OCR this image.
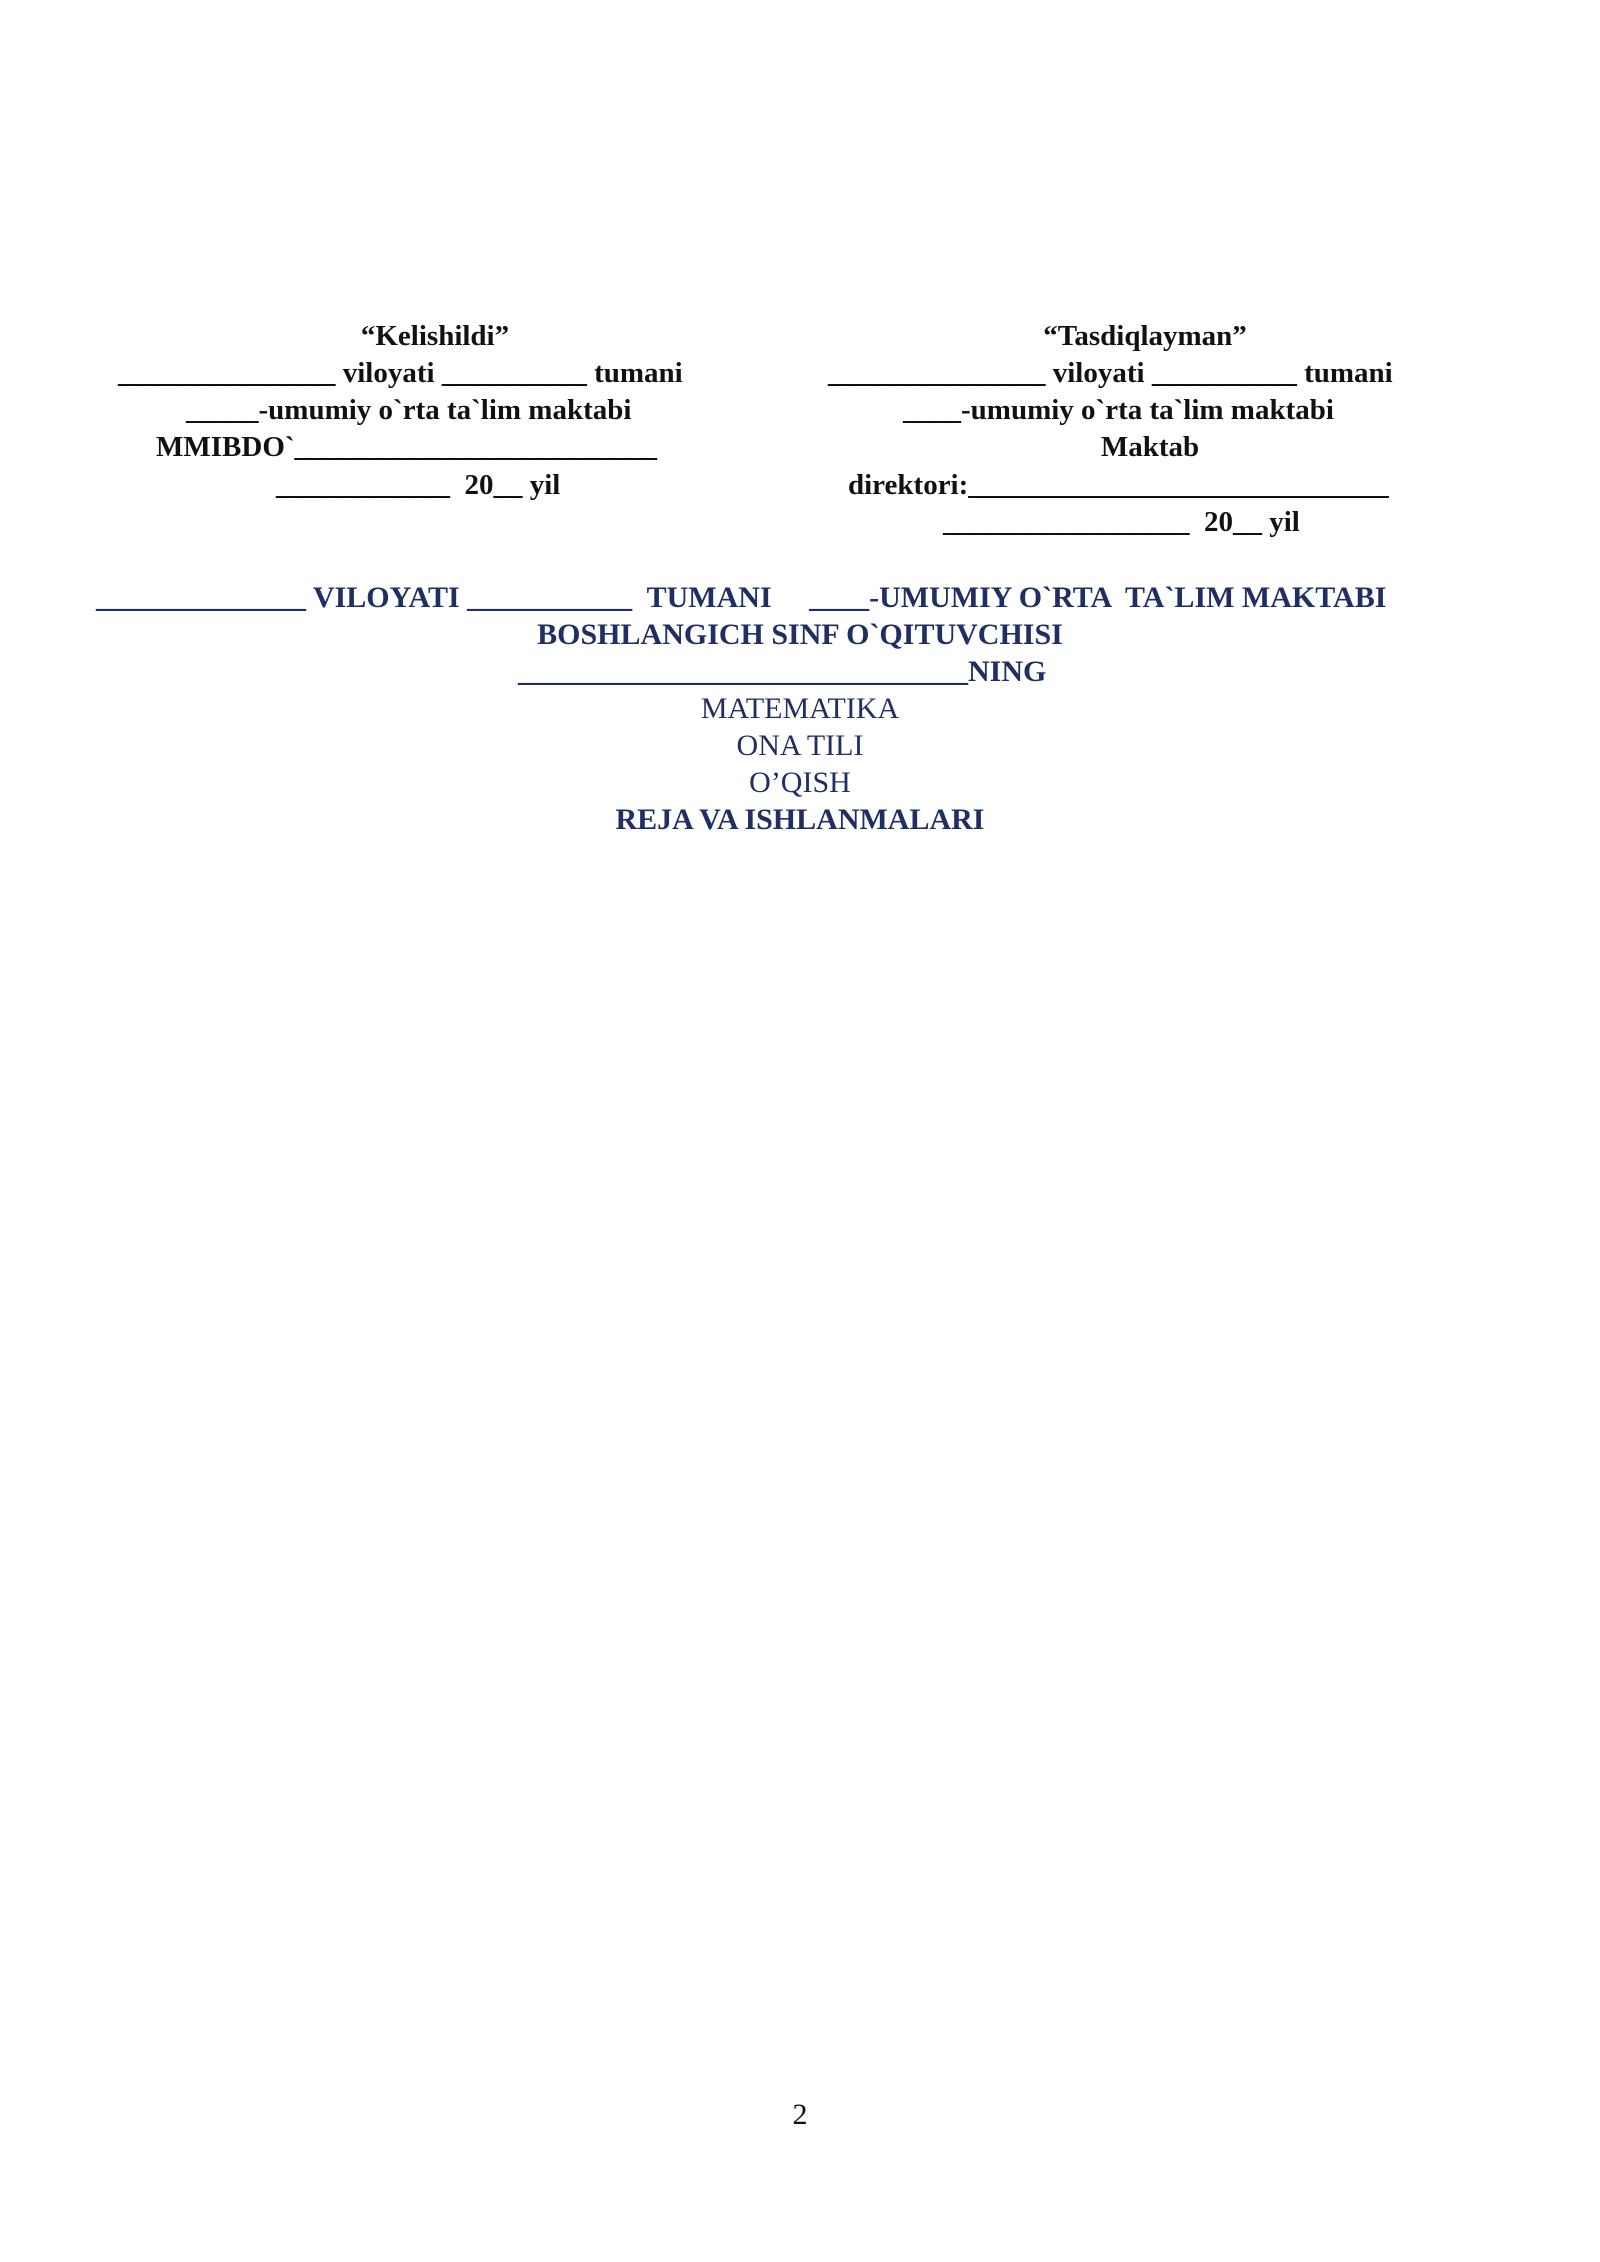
“Kelishildi”
_______________ viloyati __________ tumani
_____-umumiy o`rta ta`lim maktabi
MMIBDO`_________________________
____________  20__ yil
“Tasdiqlayman”
_______________ viloyati __________ tumani
____-umumiy o`rta ta`lim maktabi
Maktab
direktori:_____________________________
_________________  20__ yil
______________ VILOYATI ___________  TUMANI     ____-UMUMIY O`RTA  TA`LIM MAKTABI
BOSHLANGICH SINF O`QITUVCHISI
______________________________NING
MATEMATIKA
ONA TILI
O’QISH
REJA VA ISHLANMALARI
2
